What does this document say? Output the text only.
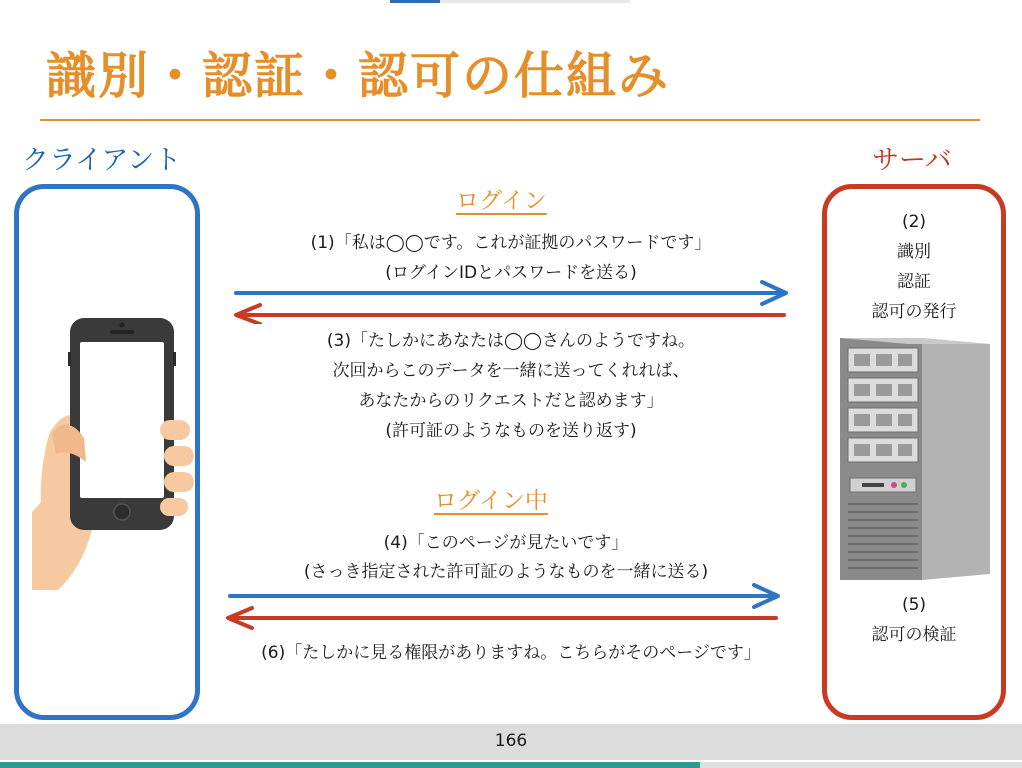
識別・認証・認可の仕組み
クライアント	サーバ
(2)
識別
認証
認可の発行
(5)
認可の検証
ログイン
(1)「私は◯◯です。これが証拠のパスワードです」
(ログインIDとパスワードを送る)
(3)「たしかにあなたは◯◯さんのようですね。
次回からこのデータを一緒に送ってくれれば、
あなたからのリクエストだと認めます」
(許可証のようなものを送り返す)
ログイン中
(4)「このページが見たいです」
(さっき指定された許可証のようなものを一緒に送る)
(6)「たしかに見る権限がありますね。こちらがそのページです」
166
